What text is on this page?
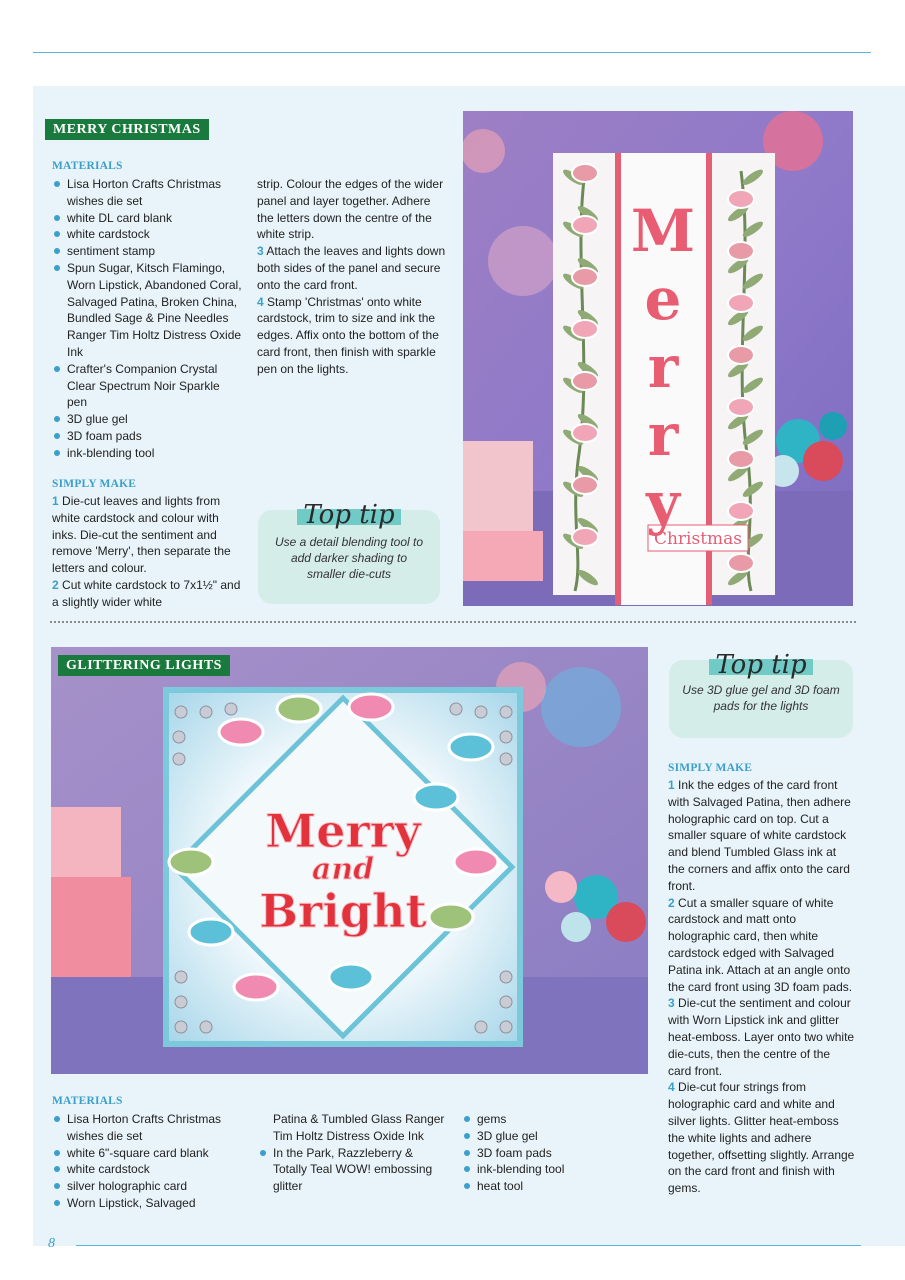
MERRY CHRISTMAS
MATERIALS
Lisa Horton Crafts Christmas wishes die set
white DL card blank
white cardstock
sentiment stamp
Spun Sugar, Kitsch Flamingo, Worn Lipstick, Abandoned Coral, Salvaged Patina, Broken China, Bundled Sage & Pine Needles Ranger Tim Holtz Distress Oxide Ink
Crafter's Companion Crystal Clear Spectrum Noir Sparkle pen
3D glue gel
3D foam pads
ink-blending tool
SIMPLY MAKE
1 Die-cut leaves and lights from white cardstock and colour with inks. Die-cut the sentiment and remove 'Merry', then separate the letters and colour.
2 Cut white cardstock to 7x1½" and a slightly wider white
strip. Colour the edges of the wider panel and layer together. Adhere the letters down the centre of the white strip.
3 Attach the leaves and lights down both sides of the panel and secure onto the card front.
4 Stamp 'Christmas' onto white cardstock, trim to size and ink the edges. Affix onto the bottom of the card front, then finish with sparkle pen on the lights.
Top tip
Use a detail blending tool to add darker shading to smaller die-cuts
Christmas
M
e
r
r
y
Merry
and
Bright
GLITTERING LIGHTS	Top tip
Use 3D glue gel and 3D foam pads for the lights
SIMPLY MAKE
1 Ink the edges of the card front with Salvaged Patina, then adhere holographic card on top. Cut a smaller square of white cardstock and blend Tumbled Glass ink at the corners and affix onto the card front.
2 Cut a smaller square of white cardstock and matt onto holographic card, then white cardstock edged with Salvaged Patina ink. Attach at an angle onto the card front using 3D foam pads.
3 Die-cut the sentiment and colour with Worn Lipstick ink and glitter heat-emboss. Layer onto two white die-cuts, then the centre of the card front.
4 Die-cut four strings from holographic card and white and silver lights. Glitter heat-emboss the white lights and adhere together, offsetting slightly. Arrange on the card front and finish with gems.
MATERIALS
Lisa Horton Crafts Christmas wishes die set
white 6"-square card blank
white cardstock
silver holographic card
Worn Lipstick, Salvaged
Patina & Tumbled Glass Ranger Tim Holtz Distress Oxide Ink
In the Park, Razzleberry & Totally Teal WOW! embossing glitter
gems
3D glue gel
3D foam pads
ink-blending tool
heat tool
8
